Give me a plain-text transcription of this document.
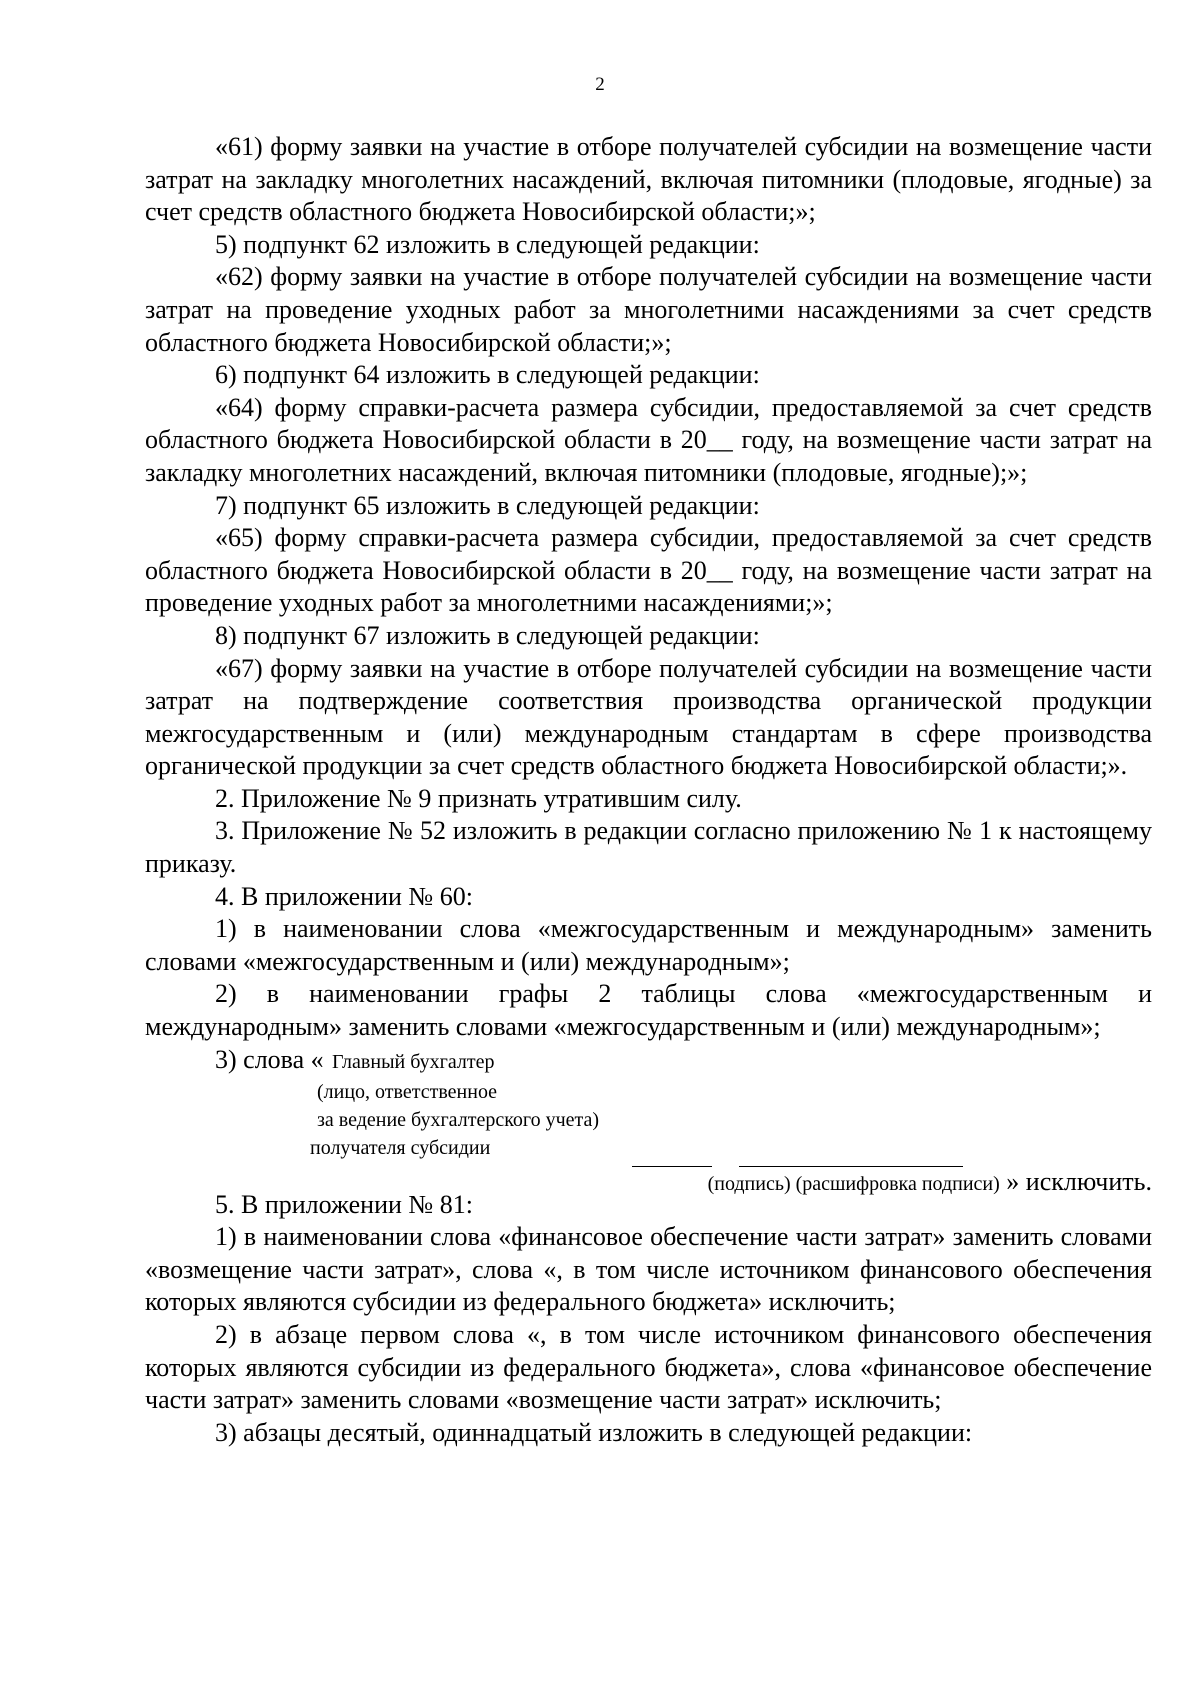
2

«61) форму заявки на участие в отборе получателей субсидии на возмещение части затрат на закладку многолетних насаждений, включая питомники (плодовые, ягодные) за счет средств областного бюджета Новосибирской области;»;

5) подпункт 62 изложить в следующей редакции:

«62) форму заявки на участие в отборе получателей субсидии на возмещение части затрат на проведение уходных работ за многолетними насаждениями за счет средств областного бюджета Новосибирской области;»;

6) подпункт 64 изложить в следующей редакции:

«64) форму справки-расчета размера субсидии, предоставляемой за счет средств областного бюджета Новосибирской области в 20__ году, на возмещение части затрат на закладку многолетних насаждений, включая питомники (плодовые, ягодные);»;

7) подпункт 65 изложить в следующей редакции:

«65) форму справки-расчета размера субсидии, предоставляемой за счет средств областного бюджета Новосибирской области в 20__ году, на возмещение части затрат на проведение уходных работ за многолетними насаждениями;»;

8) подпункт 67 изложить в следующей редакции:

«67) форму заявки на участие в отборе получателей субсидии на возмещение части затрат на подтверждение соответствия производства органической продукции межгосударственным и (или) международным стандартам в сфере производства органической продукции за счет средств областного бюджета Новосибирской области;».

2. Приложение № 9 признать утратившим силу.

3. Приложение № 52 изложить в редакции согласно приложению № 1 к настоящему приказу.

4. В приложении № 60:

1) в наименовании слова «межгосударственным и международным» заменить словами «межгосударственным и (или) международным»;

2) в наименовании графы 2 таблицы слова «межгосударственным и международным» заменить словами «межгосударственным и (или) международным»;

3) слова « Главный бухгалтер
(лицо, ответственное
за ведение бухгалтерского учета)
получателя субсидии
(подпись) (расшифровка подписи) » исключить.

5. В приложении № 81:

1) в наименовании слова «финансовое обеспечение части затрат» заменить словами «возмещение части затрат», слова «, в том числе источником финансового обеспечения которых являются субсидии из федерального бюджета» исключить;

2) в абзаце первом слова «, в том числе источником финансового обеспечения которых являются субсидии из федерального бюджета», слова «финансовое обеспечение части затрат» заменить словами «возмещение части затрат» исключить;

3) абзацы десятый, одиннадцатый изложить в следующей редакции:
